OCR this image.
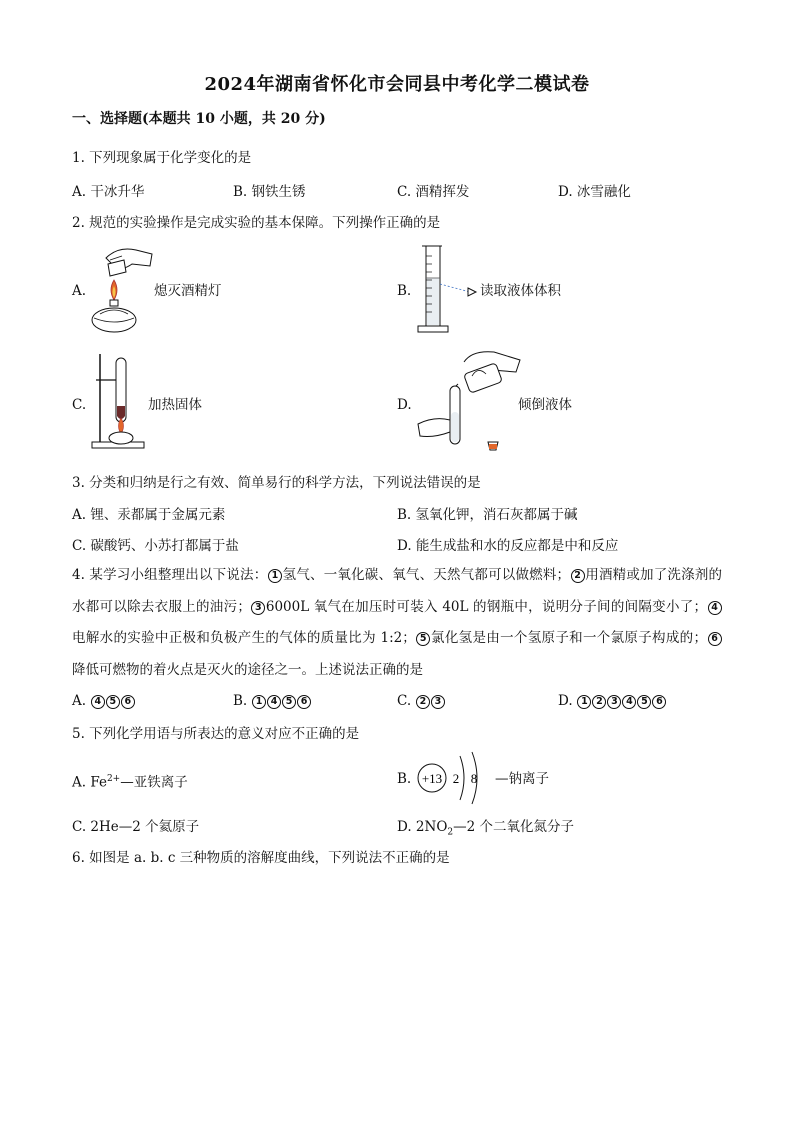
2024年湖南省怀化市会同县中考化学二模试卷
一、选择题(本题共 10 小题，共 20 分)
1. 下列现象属于化学变化的是
A. 干冰升华	B. 钢铁生锈	C. 酒精挥发	D. 冰雪融化
2. 规范的实验操作是完成实验的基本保障。下列操作正确的是
A.	熄灭酒精灯	B.	读取液体体积
C.	加热固体	D.	倾倒液体
3. 分类和归纳是行之有效、简单易行的科学方法，下列说法错误的是
A. 锂、汞都属于金属元素	B. 氢氧化钾，消石灰都属于碱
C. 碳酸钙、小苏打都属于盐	D. 能生成盐和水的反应都是中和反应
4. 某学习小组整理出以下说法： 1 氢气、一氧化碳、氧气、天然气都可以做燃料； 2 用酒精或加了洗涤剂的水都可以除去衣服上的油污； 3 6000L 氧气在加压时可装入 40L 的钢瓶中，说明分子间的间隔变小了； 4电解水的实验中正极和负极产生的气体的质量比为 1:2； 5 氯化氢是由一个氢原子和一个氯原子构成的； 6降低可燃物的着火点是灭火的途径之一。上述说法正确的是
A. 4 5 6	B. 1 4 5 6	C. 2 3	D. 1 2 3 4 5 6
5. 下列化学用语与所表达的意义对应不正确的是
A. $Fe^{2+}—$亚铁离子	B. +13 2 8 —钠离子
C. 2He—2 个氦原子	D. $2NO_2—2$ 个二氧化氮分子
6. 如图是 a. b. c 三种物质的溶解度曲线，下列说法不正确的是
